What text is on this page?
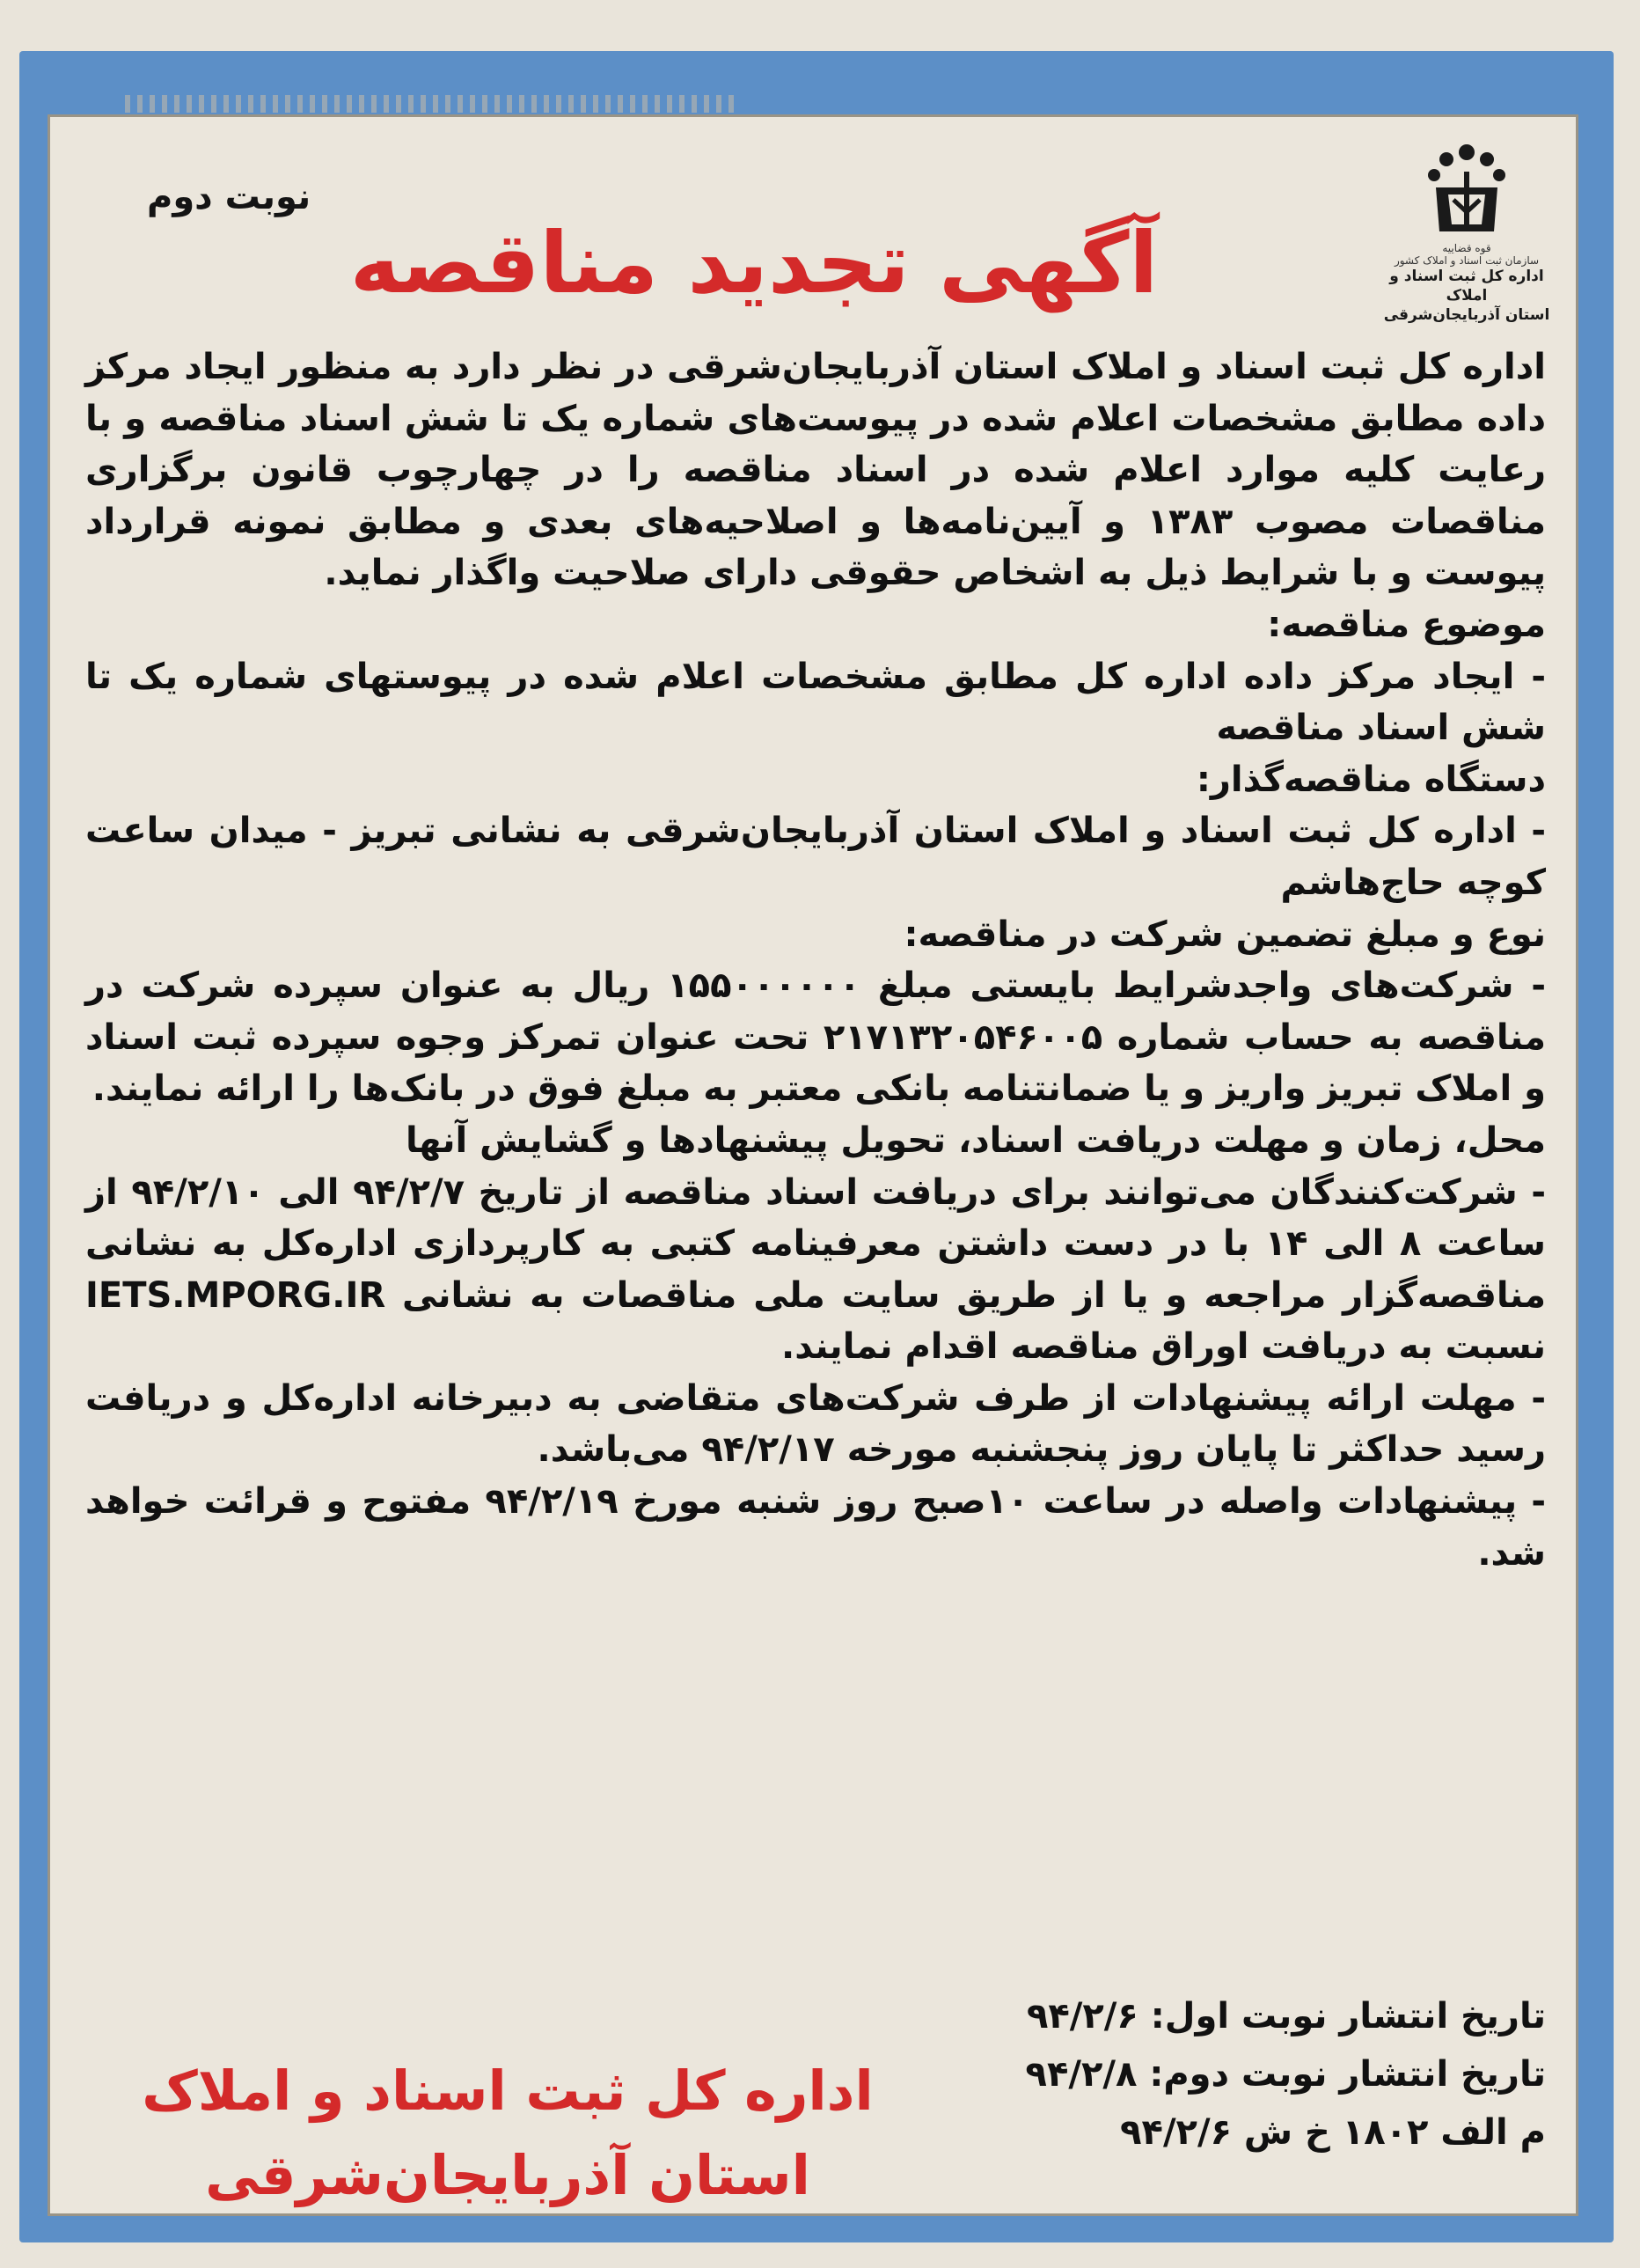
قوه قضاییه
سازمان ثبت اسناد و املاک کشور
اداره کل ثبت اسناد و املاک
استان آذربایجان‌شرقی
نوبت دوم
آگهی تجدید مناقصه

اداره کل ثبت اسناد و املاک استان آذربایجان‌شرقی در نظر دارد به منظور ایجاد مرکز داده مطابق مشخصات اعلام شده در پیوست‌های شماره یک تا شش اسناد مناقصه و با رعایت کلیه موارد اعلام شده در اسناد مناقصه را در چهارچوب قانون برگزاری مناقصات مصوب ۱۳۸۳ و آیین‌نامه‌ها و اصلاحیه‌های بعدی و مطابق نمونه قرارداد پیوست و با شرایط ذیل به اشخاص حقوقی دارای صلاحیت واگذار نماید.

موضوع مناقصه:

- ایجاد مرکز داده اداره کل مطابق مشخصات اعلام شده در پیوستهای شماره یک تا شش اسناد مناقصه

دستگاه مناقصه‌گذار:

- اداره کل ثبت اسناد و املاک استان آذربایجان‌شرقی به نشانی تبریز - میدان ساعت کوچه حاج‌هاشم

نوع و مبلغ تضمین شرکت در مناقصه:

- شرکت‌های واجدشرایط بایستی مبلغ ۱۵۵۰۰۰۰۰۰ ریال به عنوان سپرده شرکت در مناقصه به حساب شماره ۲۱۷۱۳۲۰۵۴۶۰۰۵ تحت عنوان تمرکز وجوه سپرده ثبت اسناد و املاک تبریز واریز و یا ضمانتنامه بانکی معتبر به مبلغ فوق در بانک‌ها را ارائه نمایند.

محل، زمان و مهلت دریافت اسناد، تحویل پیشنهادها و گشایش آنها

- شرکت‌کنندگان می‌توانند برای دریافت اسناد مناقصه از تاریخ ۹۴/۲/۷ الی ۹۴/۲/۱۰ از ساعت ۸ الی ۱۴ با در دست داشتن معرفینامه کتبی به کارپردازی اداره‌کل به نشانی مناقصه‌گزار مراجعه و یا از طریق سایت ملی مناقصات به نشانی IETS.MPORG.IR نسبت به دریافت اوراق مناقصه اقدام نمایند.

- مهلت ارائه پیشنهادات از طرف شرکت‌های متقاضی به دبیرخانه اداره‌کل و دریافت رسید حداکثر تا پایان روز پنجشنبه مورخه ۹۴/۲/۱۷ می‌باشد.

- پیشنهادات واصله در ساعت ۱۰صبح روز شنبه مورخ ۹۴/۲/۱۹ مفتوح و قرائت خواهد شد.

تاریخ انتشار نوبت اول: ۹۴/۲/۶

تاریخ انتشار نوبت دوم: ۹۴/۲/۸

م الف ۱۸۰۲ خ ش ۹۴/۲/۶

اداره کل ثبت اسناد و املاک

استان آذربایجان‌شرقی
